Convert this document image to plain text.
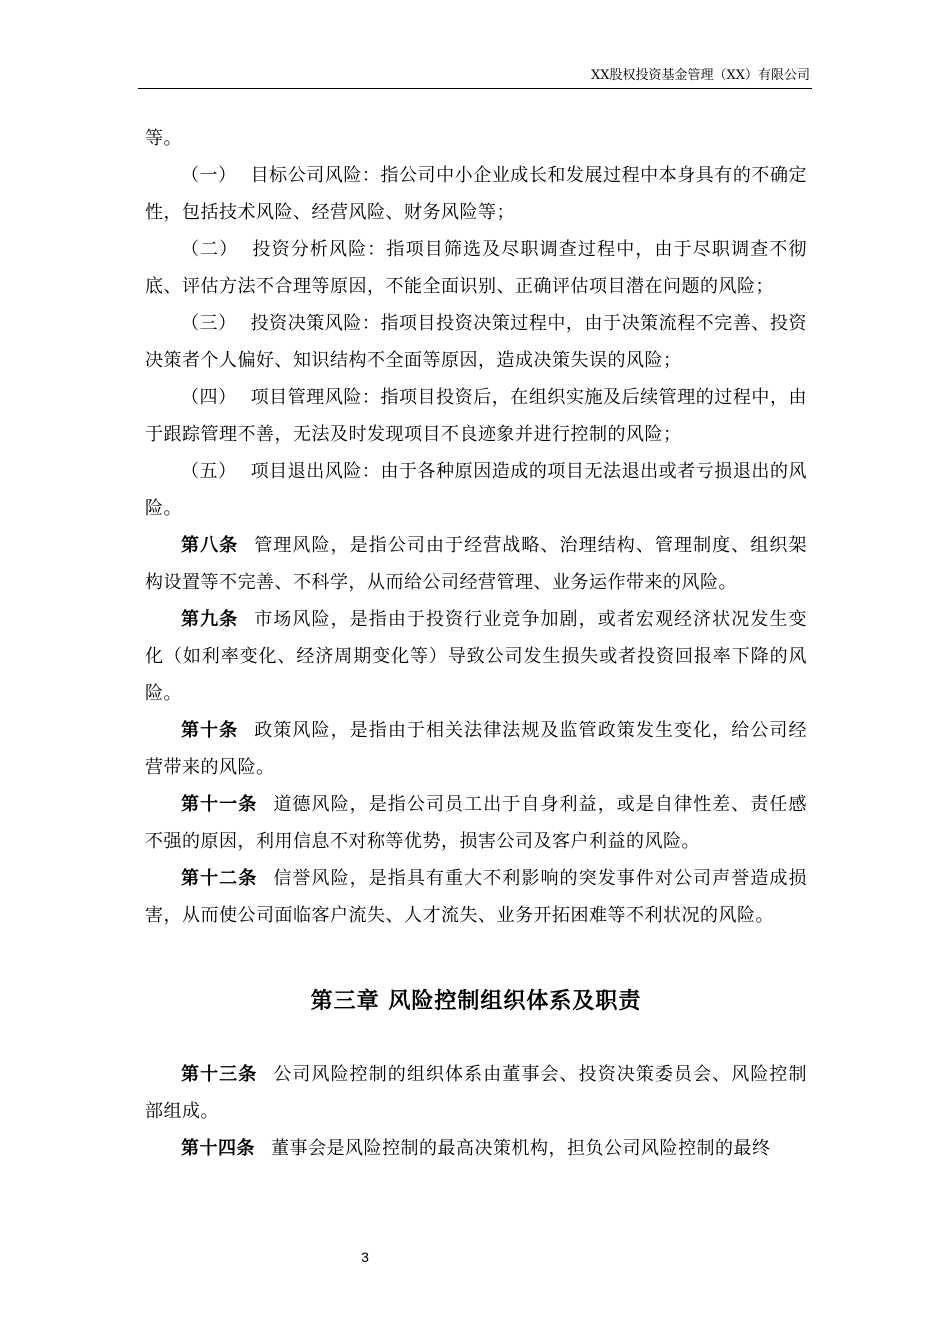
XX股权投资基金管理（XX）有限公司

等。

（一） 目标公司风险：指公司中小企业成长和发展过程中本身具有的不确定性，包括技术风险、经营风险、财务风险等；

（二） 投资分析风险：指项目筛选及尽职调查过程中，由于尽职调查不彻底、评估方法不合理等原因，不能全面识别、正确评估项目潜在问题的风险；

（三） 投资决策风险：指项目投资决策过程中，由于决策流程不完善、投资决策者个人偏好、知识结构不全面等原因，造成决策失误的风险；

（四） 项目管理风险：指项目投资后，在组织实施及后续管理的过程中，由于跟踪管理不善，无法及时发现项目不良迹象并进行控制的风险；

（五） 项目退出风险：由于各种原因造成的项目无法退出或者亏损退出的风险。

第八条 管理风险，是指公司由于经营战略、治理结构、管理制度、组织架构设置等不完善、不科学，从而给公司经营管理、业务运作带来的风险。

第九条 市场风险，是指由于投资行业竞争加剧，或者宏观经济状况发生变化（如利率变化、经济周期变化等）导致公司发生损失或者投资回报率下降的风险。

第十条 政策风险，是指由于相关法律法规及监管政策发生变化，给公司经营带来的风险。

第十一条 道德风险，是指公司员工出于自身利益，或是自律性差、责任感不强的原因，利用信息不对称等优势，损害公司及客户利益的风险。

第十二条 信誉风险，是指具有重大不利影响的突发事件对公司声誉造成损害，从而使公司面临客户流失、人才流失、业务开拓困难等不利状况的风险。

第三章 风险控制组织体系及职责

第十三条 公司风险控制的组织体系由董事会、投资决策委员会、风险控制部组成。

第十四条 董事会是风险控制的最高决策机构，担负公司风险控制的最终

3
